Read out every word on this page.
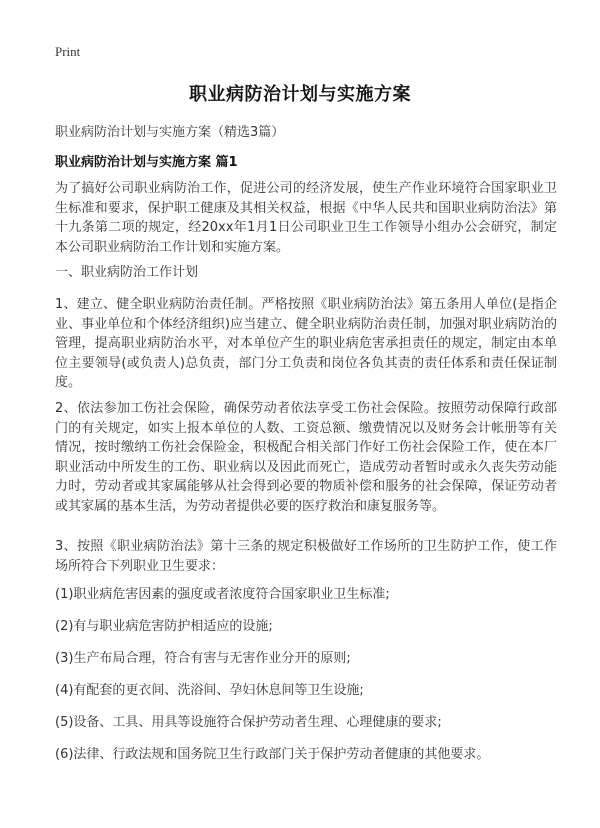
Print
职业病防治计划与实施方案

职业病防治计划与实施方案（精选3篇）

职业病防治计划与实施方案 篇1

为了搞好公司职业病防治工作，促进公司的经济发展，使生产作业环境符合国家职业卫生标准和要求，保护职工健康及其相关权益，根据《中华人民共和国职业病防治法》第十九条第二项的规定，经20xx年1月1日公司职业卫生工作领导小组办公会研究，制定本公司职业病防治工作计划和实施方案。

一、职业病防治工作计划

1、建立、健全职业病防治责任制。严格按照《职业病防治法》第五条用人单位(是指企业、事业单位和个体经济组织)应当建立、健全职业病防治责任制，加强对职业病防治的管理，提高职业病防治水平，对本单位产生的职业病危害承担责任的规定，制定由本单位主要领导(或负责人)总负责，部门分工负责和岗位各负其责的责任体系和责任保证制度。

2、依法参加工伤社会保险，确保劳动者依法享受工伤社会保险。按照劳动保障行政部门的有关规定，如实上报本单位的人数、工资总额、缴费情况以及财务会计帐册等有关情况，按时缴纳工伤社会保险金，积极配合相关部门作好工伤社会保险工作，使在本厂职业活动中所发生的工伤、职业病以及因此而死亡，造成劳动者暂时或永久丧失劳动能力时，劳动者或其家属能够从社会得到必要的物质补偿和服务的社会保障，保证劳动者或其家属的基本生活，为劳动者提供必要的医疗救治和康复服务等。

3、按照《职业病防治法》第十三条的规定积极做好工作场所的卫生防护工作，使工作场所符合下列职业卫生要求：

(1)职业病危害因素的强度或者浓度符合国家职业卫生标准;

(2)有与职业病危害防护相适应的设施;

(3)生产布局合理，符合有害与无害作业分开的原则;

(4)有配套的更衣间、洗浴间、孕妇休息间等卫生设施;

(5)设备、工具、用具等设施符合保护劳动者生理、心理健康的要求;

(6)法律、行政法规和国务院卫生行政部门关于保护劳动者健康的其他要求。
